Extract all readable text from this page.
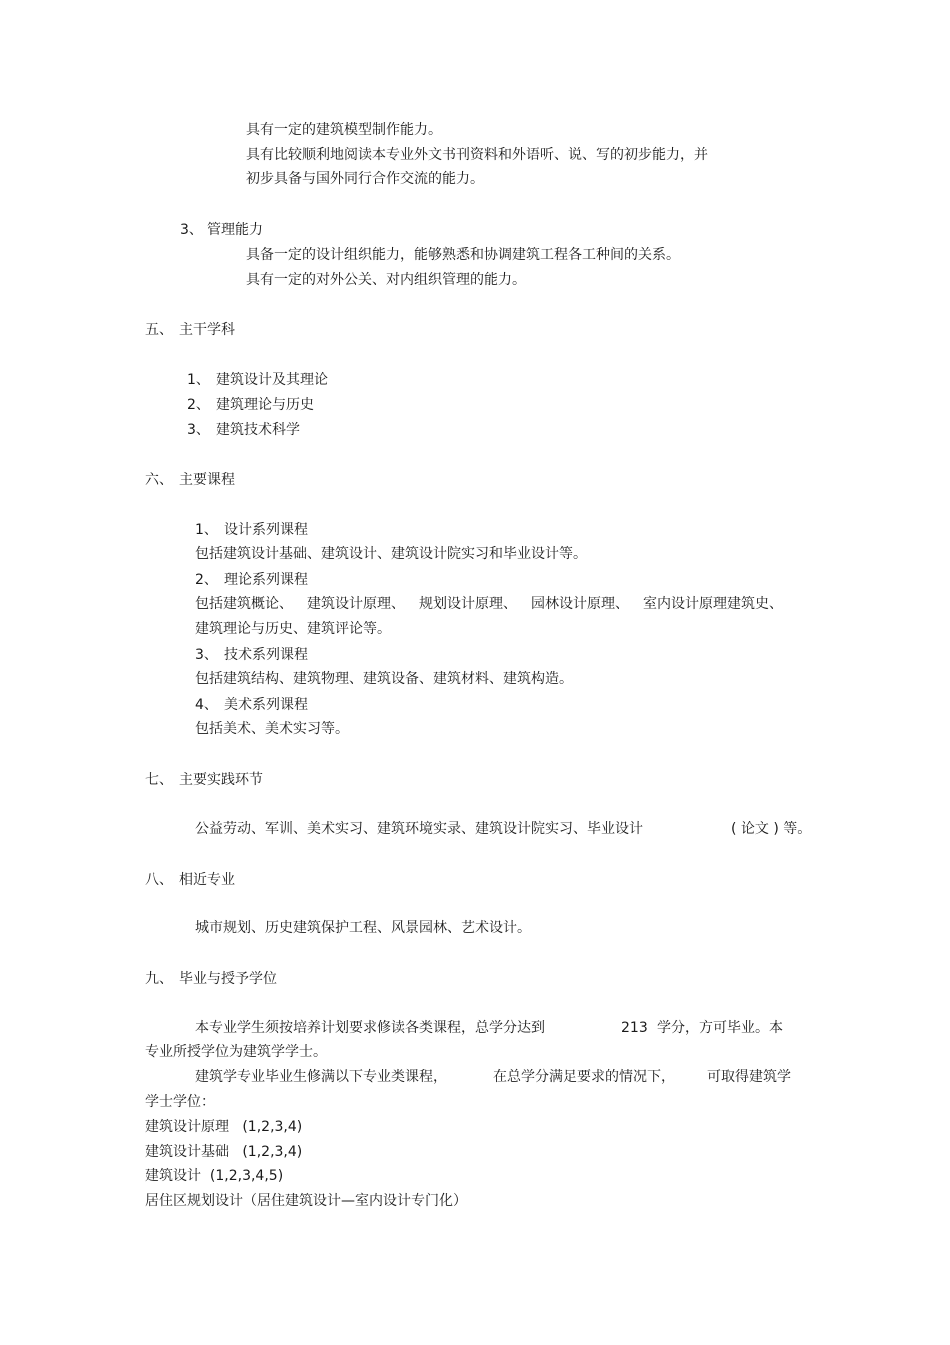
具有一定的建筑模型制作能力。
具有比较顺利地阅读本专业外文书刊资料和外语听、说、写的初步能力，并
初步具备与国外同行合作交流的能力。
3、 管理能力
具备一定的设计组织能力，能够熟悉和协调建筑工程各工种间的关系。
具有一定的对外公关、对内组织管理的能力。
五、 主干学科
1、 建筑设计及其理论
2、 建筑理论与历史
3、 建筑技术科学
六、 主要课程
1、 设计系列课程
包括建筑设计基础、建筑设计、建筑设计院实习和毕业设计等。
2、 理论系列课程
包括建筑概论、 建筑设计原理、 规划设计原理、 园林设计原理、 室内设计原理建筑史、
建筑理论与历史、建筑评论等。
3、 技术系列课程
包括建筑结构、建筑物理、建筑设备、建筑材料、建筑构造。
4、 美术系列课程
包括美术、美术实习等。
七、 主要实践环节
公益劳动、军训、美术实习、建筑环境实录、建筑设计院实习、毕业设计	( 论文 ) 等。
八、 相近专业
城市规划、历史建筑保护工程、风景园林、艺术设计。
九、 毕业与授予学位
本专业学生须按培养计划要求修读各类课程，总学分达到	213 学分，方可毕业。本
专业所授学位为建筑学学士。
建筑学专业毕业生修满以下专业类课程，	在总学分满足要求的情况下， 可取得建筑学
学士学位：
建筑设计原理   (1,2,3,4)
建筑设计基础   (1,2,3,4)
建筑设计  (1,2,3,4,5)
居住区规划设计（居住建筑设计—室内设计专门化）
